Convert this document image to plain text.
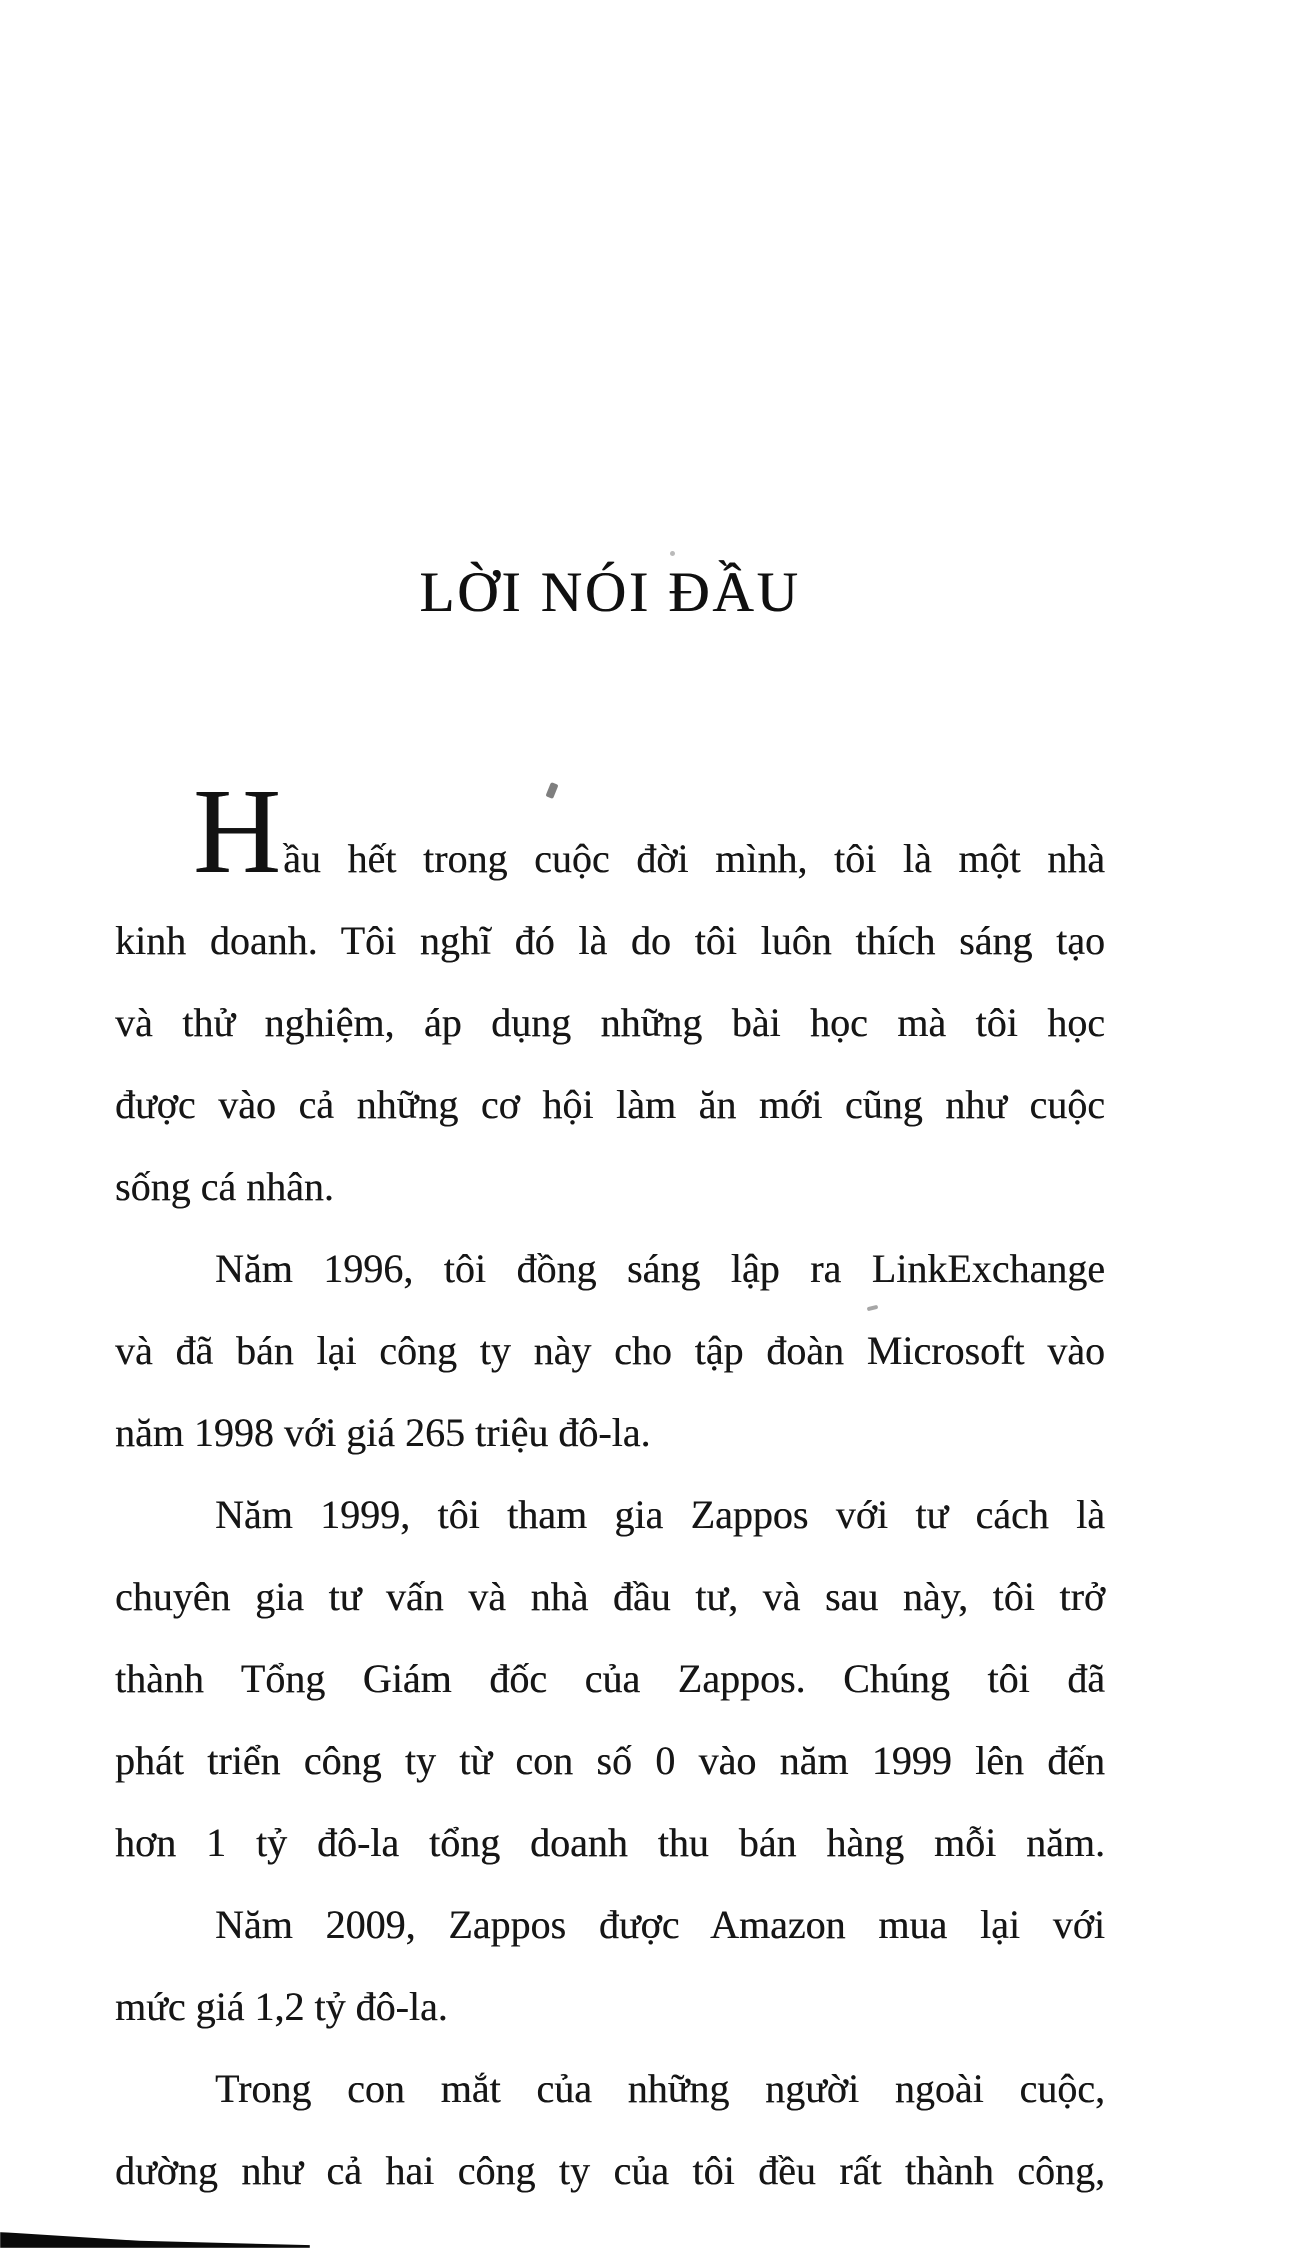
LỜI NÓI ĐẦU
Hầu hết trong cuộc đời mình, tôi là một nhà
kinh doanh. Tôi nghĩ đó là do tôi luôn thích sáng tạo
và thử nghiệm, áp dụng những bài học mà tôi học
được vào cả những cơ hội làm ăn mới cũng như cuộc
sống cá nhân.
Năm 1996, tôi đồng sáng lập ra LinkExchange
và đã bán lại công ty này cho tập đoàn Microsoft vào
năm 1998 với giá 265 triệu đô-la.
Năm 1999, tôi tham gia Zappos với tư cách là
chuyên gia tư vấn và nhà đầu tư, và sau này, tôi trở
thành Tổng Giám đốc của Zappos. Chúng tôi đã
phát triển công ty từ con số 0 vào năm 1999 lên đến
hơn 1 tỷ đô-la tổng doanh thu bán hàng mỗi năm.
Năm 2009, Zappos được Amazon mua lại với
mức giá 1,2 tỷ đô-la.
Trong con mắt của những người ngoài cuộc,
dường như cả hai công ty của tôi đều rất thành công,
